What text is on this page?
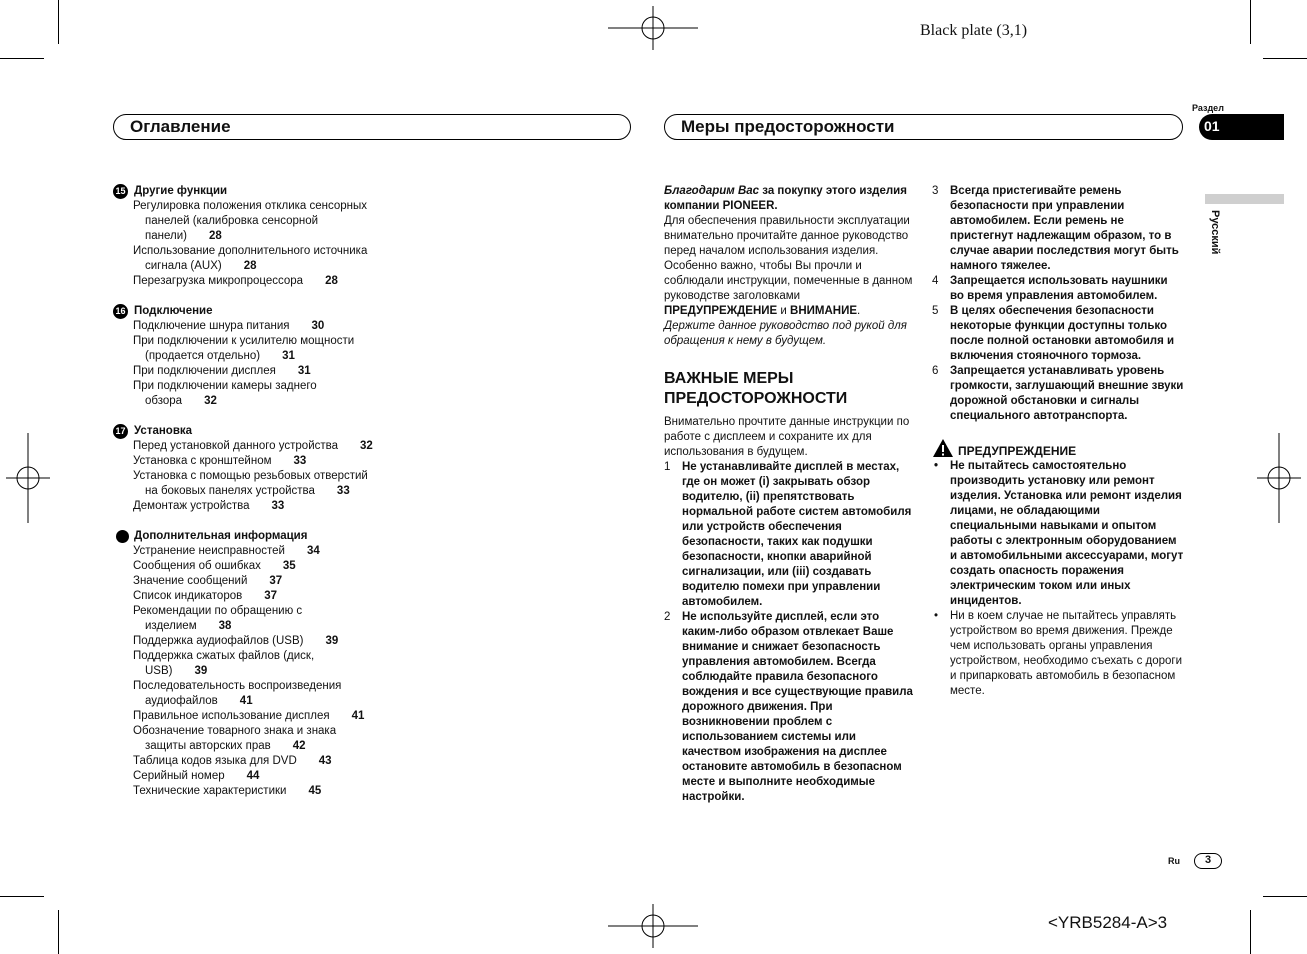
Black plate (3,1)
<YRB5284-A>3
Оглавление	Меры предосторожности
Раздел
01
Русский
15 Другие функции
Регулировка положения отклика сенсорных панелей (калибровка сенсорной панели) 28
Использование дополнительного источника сигнала (AUX) 28
Перезагрузка микропроцессора 28
16 Подключение
Подключение шнура питания 30
При подключении к усилителю мощности (продается отдельно) 31
При подключении дисплея 31
При подключении камеры заднего обзора 32
17 Установка
Перед установкой данного устройства 32
Установка с кронштейном 33
Установка с помощью резьбовых отверстий на боковых панелях устройства 33
Демонтаж устройства 33
Дополнительная информация
Устранение неисправностей 34
Сообщения об ошибках 35
Значение сообщений 37
Список индикаторов 37
Рекомендации по обращению с изделием 38
Поддержка аудиофайлов (USB) 39
Поддержка сжатых файлов (диск, USB) 39
Последовательность воспроизведения аудиофайлов 41
Правильное использование дисплея 41
Обозначение товарного знака и знака защиты авторских прав 42
Таблица кодов языка для DVD 43
Серийный номер 44
Технические характеристики 45

Благодарим Вас за покупку этого изделия компании PIONEER.

Для обеспечения правильности эксплуатации внимательно прочитайте данное руководство перед началом использования изделия. Особенно важно, чтобы Вы прочли и соблюдали инструкции, помеченные в данном руководстве заголовками ПРЕДУПРЕЖДЕНИЕ и ВНИМАНИЕ. Держите данное руководство под рукой для обращения к нему в будущем.

ВАЖНЫЕ МЕРЫ ПРЕДОСТОРОЖНОСТИ

Внимательно прочтите данные инструкции по работе с дисплеем и сохраните их для использования в будущем.

1 Не устанавливайте дисплей в местах, где он может (i) закрывать обзор водителю, (ii) препятствовать нормальной работе систем автомобиля или устройств обеспечения безопасности, таких как подушки безопасности, кнопки аварийной сигнализации, или (iii) создавать водителю помехи при управлении автомобилем.
2 Не используйте дисплей, если это каким-либо образом отвлекает Ваше внимание и снижает безопасность управления автомобилем. Всегда соблюдайте правила безопасного вождения и все существующие правила дорожного движения. При возникновении проблем с использованием системы или качеством изображения на дисплее остановите автомобиль в безопасном месте и выполните необходимые настройки.
3 Всегда пристегивайте ремень безопасности при управлении автомобилем. Если ремень не пристегнут надлежащим образом, то в случае аварии последствия могут быть намного тяжелее.
4 Запрещается использовать наушники во время управления автомобилем.
5 В целях обеспечения безопасности некоторые функции доступны только после полной остановки автомобиля и включения стояночного тормоза.
6 Запрещается устанавливать уровень громкости, заглушающий внешние звуки дорожной обстановки и сигналы специального автотранспорта.
ПРЕДУПРЕЖДЕНИЕ
• Не пытайтесь самостоятельно производить установку или ремонт изделия. Установка или ремонт изделия лицами, не обладающими специальными навыками и опытом работы с электронным оборудованием и автомобильными аксессуарами, могут создать опасность поражения электрическим током или иных инцидентов.
• Ни в коем случае не пытайтесь управлять устройством во время движения. Прежде чем использовать органы управления устройством, необходимо съехать с дороги и припарковать автомобиль в безопасном месте.
Ru	3
